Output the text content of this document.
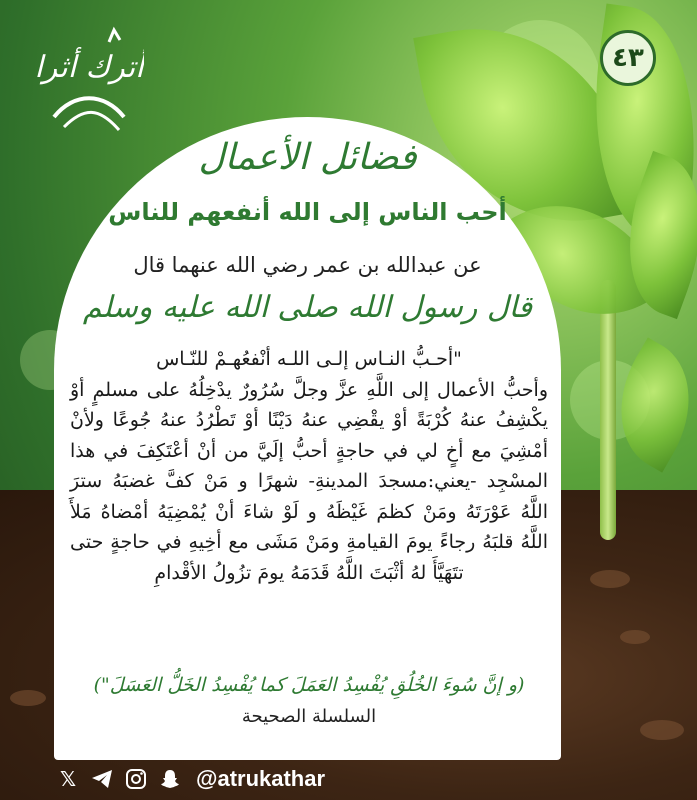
أترك أثرا	٤٣
فضائل الأعمال
أحب الناس إلى الله أنفعهم للناس
عن عبدالله بن عمر رضي الله عنهما قال
قال رسول الله صلى الله عليه وسلم
"أحـبُّ النـاس إلـى اللـه أنْفعُهـمْ للنّـاس
وأحبُّ الأعمال إلى اللَّهِ عزَّ وجلَّ سُرُورٌ يدْخِلُهُ على مسلمٍ أوْ يكْشِفُ عنهُ كُرْبَةً أوْ يقْضِي عنهُ دَيْنًا أوْ تَطْرُدُ عنهُ جُوعًا ولأنْ أمْشِيَ مع أخٍ لي في حاجةٍ أحبُّ إلَيَّ من أنْ أعْتَكِفَ في هذا المسْجِد -يعني:مسجدَ المدينةِ- شهرًا و مَنْ كفَّ غضبَهُ سترَ اللَّهُ عَوْرَتَهُ ومَنْ كظمَ غَيْظَهُ و لَوْ شاءَ أنْ يُمْضِيَهُ أمْضاهُ مَلأَ اللَّهُ قلبَهُ رجاءً يومَ القيامةِ ومَنْ مَشَى مع أخِيهِ في حاجةٍ حتى تتَهَيَّأَ لهُ أثْبَتَ اللَّهُ قَدَمَهُ يومَ تزُولُ الأقْدامِ
(و إنَّ سُوءَ الخُلُقِ يُفْسِدُ العَمَلَ كما يُفْسِدُ الخَلُّ العَسَلَ")
السلسلة الصحيحة
𝕏	@atrukathar
